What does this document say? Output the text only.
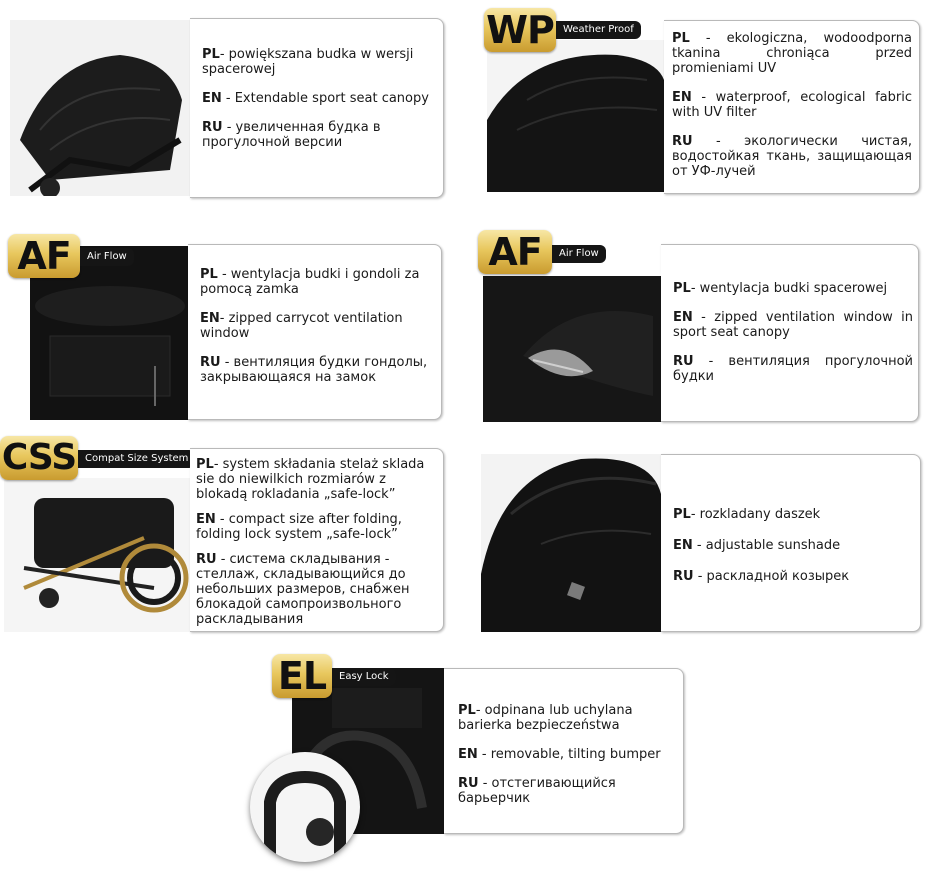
PL- powiększana budka w wersji spacerowej

EN - Extendable sport seat canopy

RU - увеличенная будка в прогулочной версии

WP Weather Proof

PL - ekologiczna, wodoodporna tkanina chroniąca przed promieniami UV

EN - waterproof, ecological fabric with UV filter

RU - экологически чистая, водостойкая ткань, защищающая от УФ-лучей

AF	Air Flow

PL - wentylacja budki i gondoli za pomocą zamka

EN- zipped carrycot ventilation window

RU - вентиляция будки гондолы, закрывающаяся на замок

AF	Air Flow

PL- wentylacja budki spacerowej

EN - zipped ventilation window in sport seat canopy

RU - вентиляция прогулочной будки

CSS Compat Size System PL- system składania stelaż sklada sie do niewilkich rozmiarów z blokadą rokladania „safe-lock”

EN - compact size after folding, folding lock system „safe-lock”

RU - система складывания - стеллаж, складывающийся до небольших размеров, снабжен блокадой самопроизвольного раскладывания

PL- rozkladany daszek

EN - adjustable sunshade

RU - раскладной козырек

EL	Easy Lock

PL- odpinana lub uchylana barierka bezpieczeństwa

EN - removable, tilting bumper

RU - отстегивающийся барьерчик
